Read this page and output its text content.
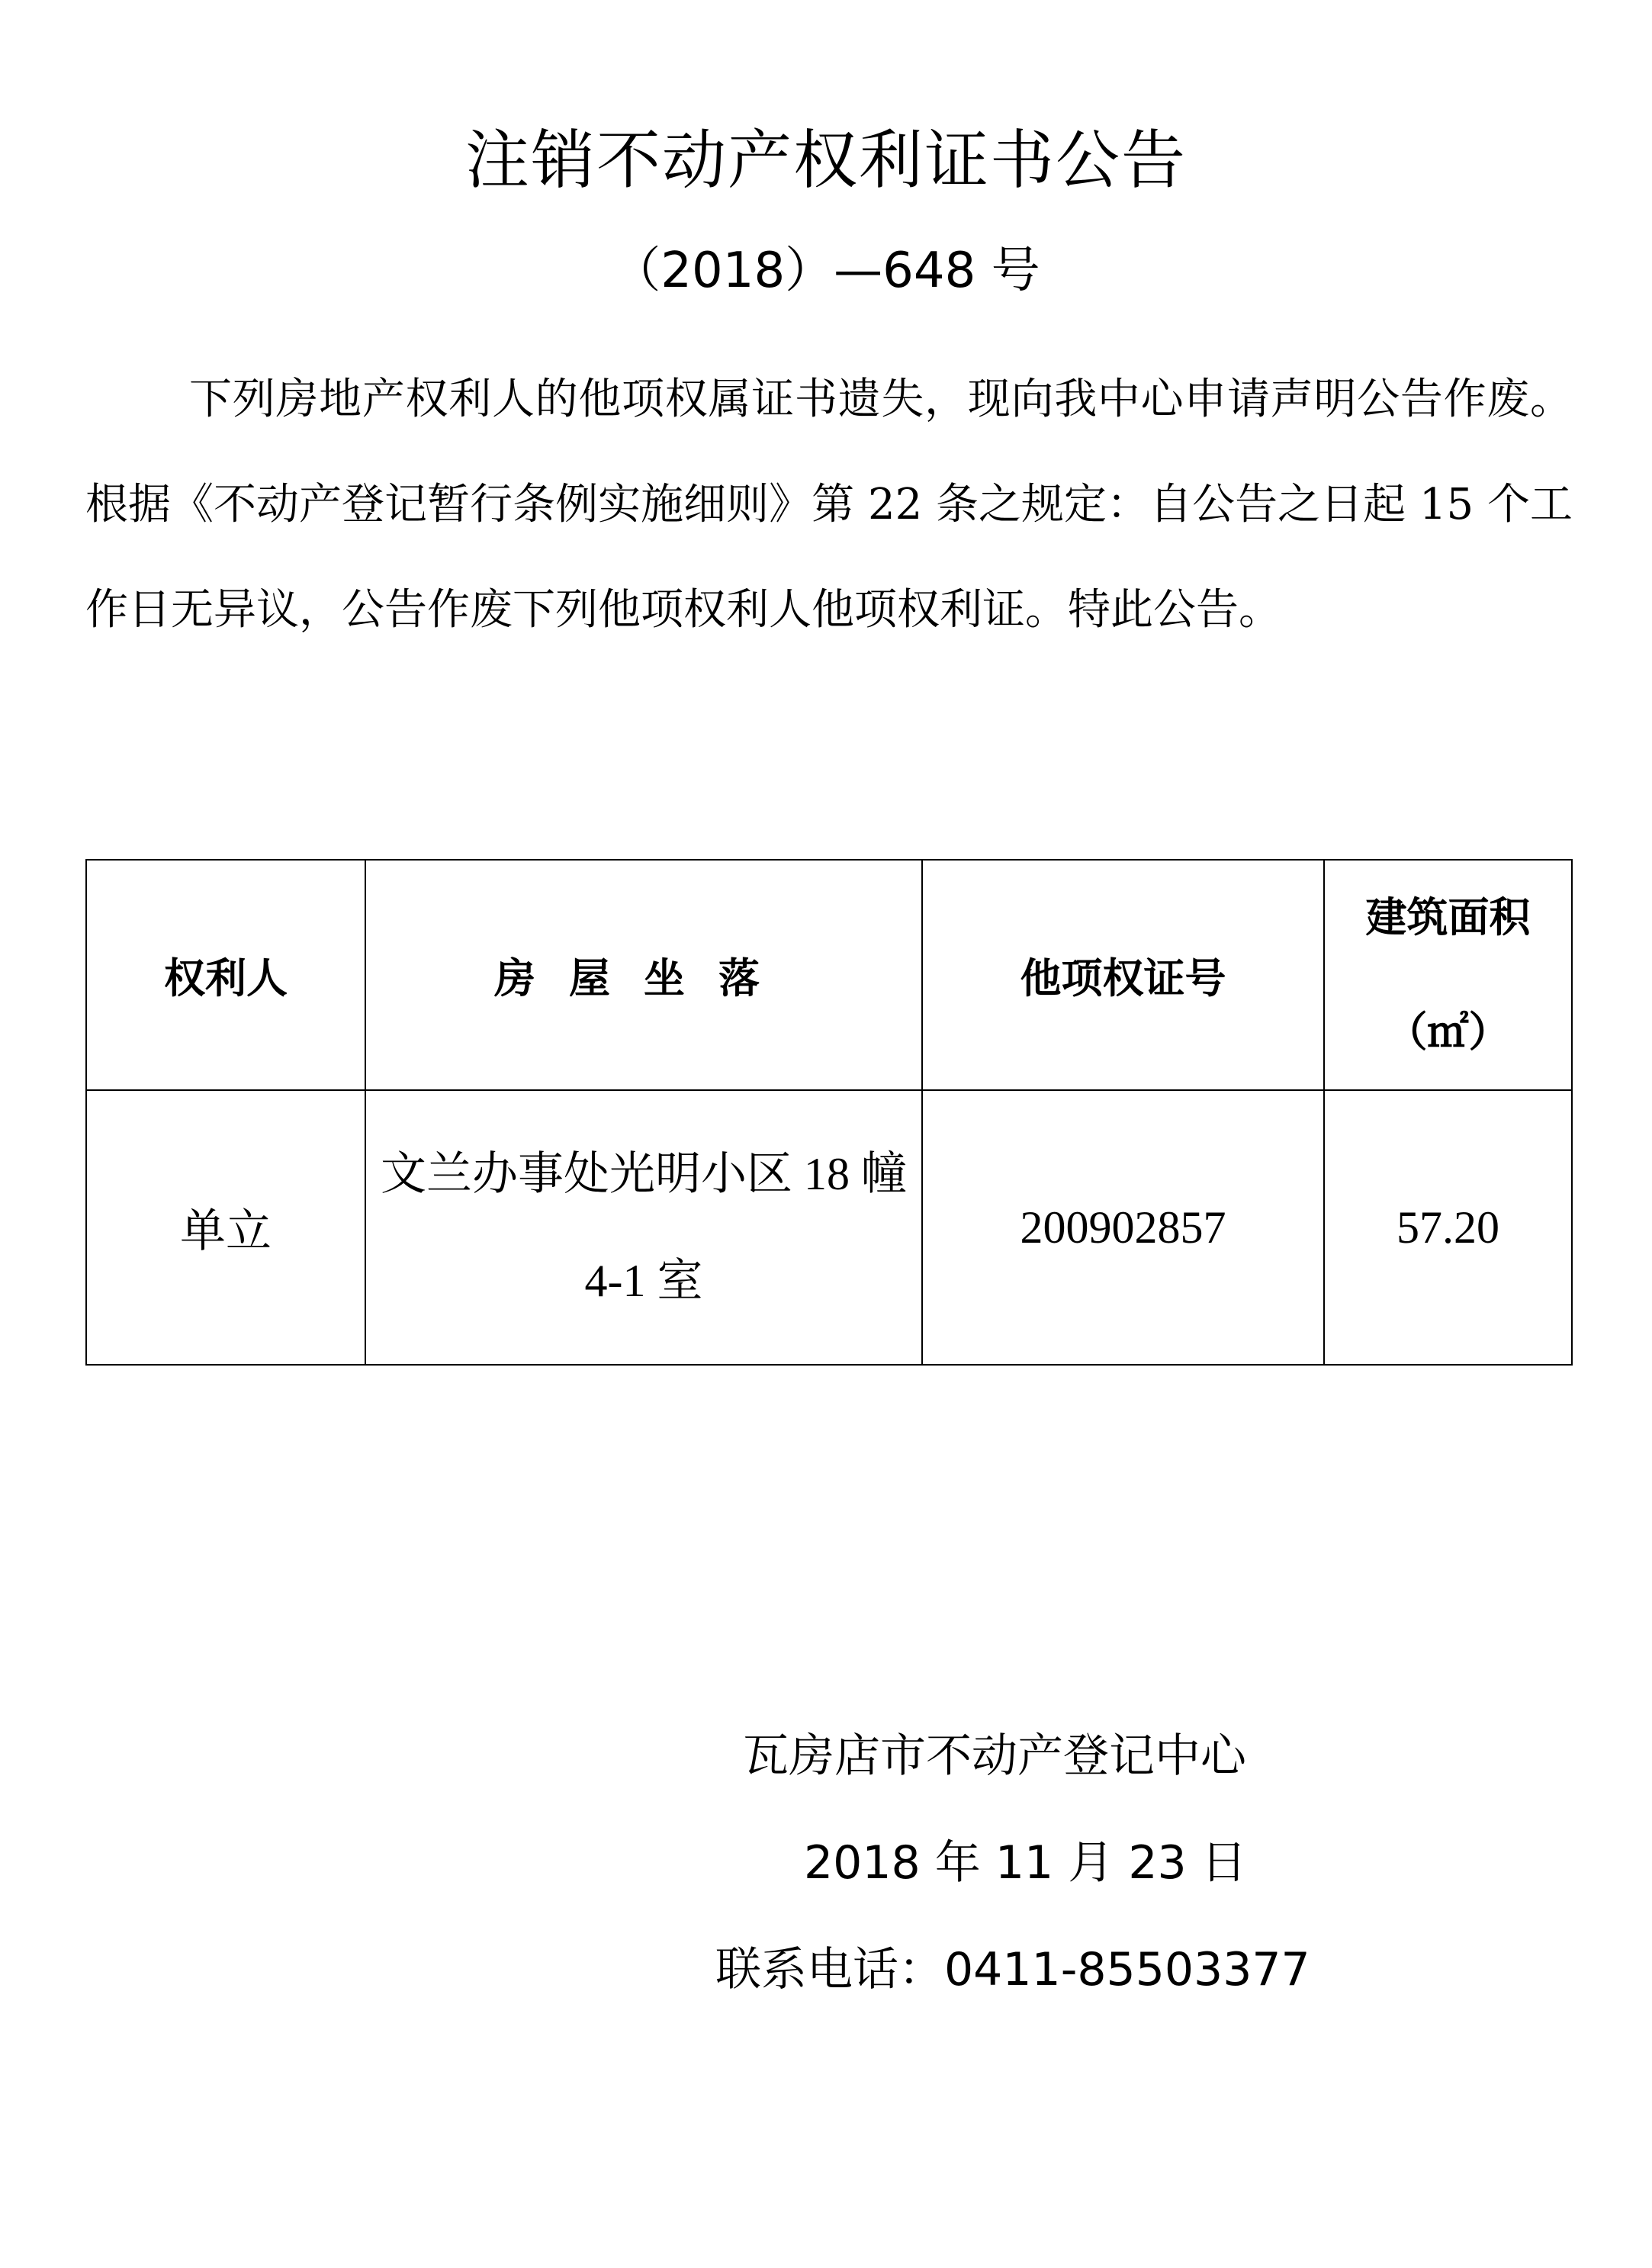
注销不动产权利证书公告
（2018）—648 号
下列房地产权利人的他项权属证书遗失，现向我中心申请声明公告作废。根据《不动产登记暂行条例实施细则》第 22 条之规定：自公告之日起 15 个工作日无异议，公告作废下列他项权利人他项权利证。特此公告。
权利人	房屋坐落	他项权证号	建筑面积
（㎡）

单立	文兰办事处光明小区 18 幢 4-1 室	200902857	57.20
瓦房店市不动产登记中心
2018 年 11 月 23 日
联系电话：0411-85503377
